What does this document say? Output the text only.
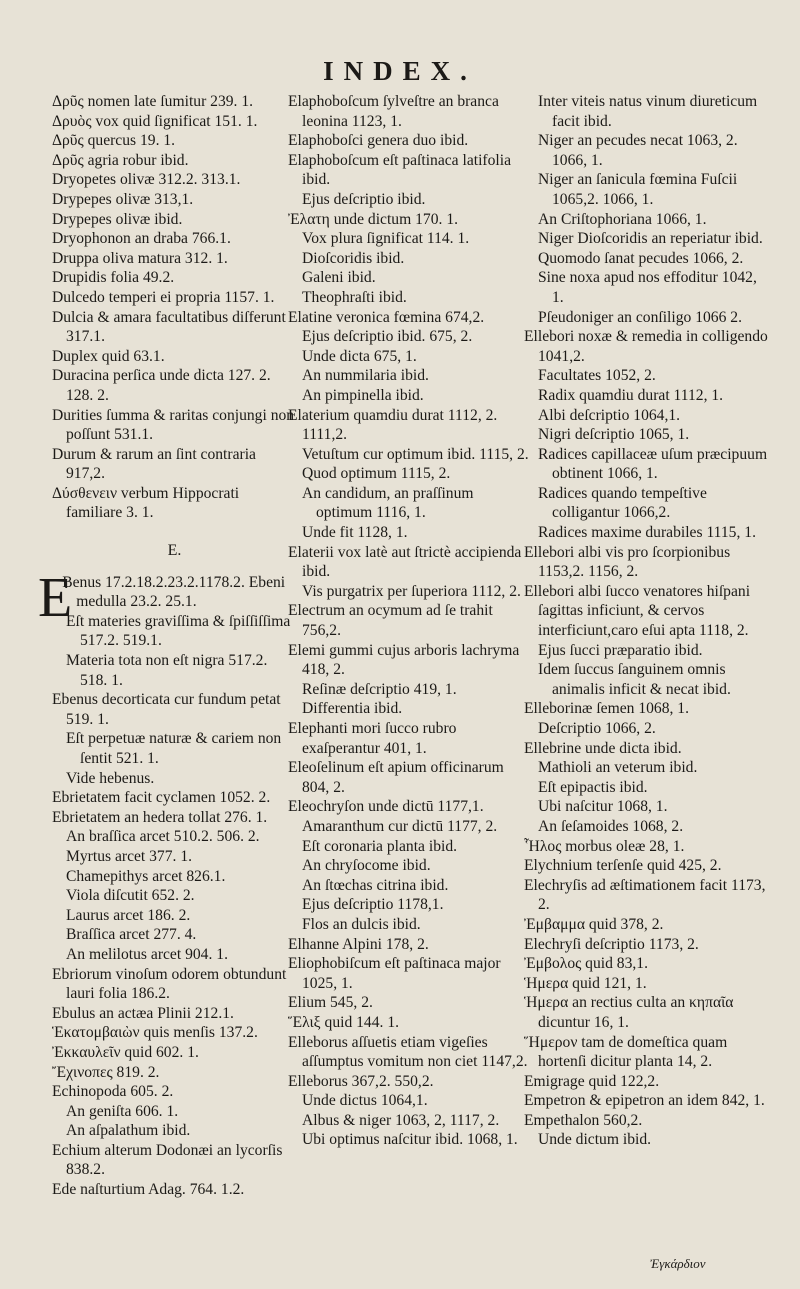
INDEX.
Δρῦς nomen late ſumitur 239. 1.
Δρυὸς vox quid ſignificat 151. 1.
Δρῦς quercus 19. 1.
Δρῦς agria robur ibid.
Dryopetes olivæ 312.2. 313.1.
Drypepes olivæ 313,1.
Drypepes olivæ ibid.
Dryophonon an draba 766.1.
Druppa oliva matura 312. 1.
Drupidis folia 49.2.
Dulcedo temperi ei propria 1157. 1.
Dulcia & amara facultatibus diſferunt 317.1.
Duplex quid 63.1.
Duracina perſica unde dicta 127. 2. 128. 2.
Durities ſumma & raritas conjungi non poſſunt 531.1.
Durum & rarum an ſint contraria 917,2.
Δύσθενειν verbum Hippocrati familiare 3. 1.
E.
E
Benus 17.2.18.2.23.2.1178.2. Ebeni medulla 23.2. 25.1.
Eſt materies graviſſima & ſpiſſiſſima 517.2. 519.1.
Materia tota non eſt nigra 517.2. 518. 1.
Ebenus decorticata cur fundum petat 519. 1.
Eſt perpetuæ naturæ & cariem non ſentit 521. 1.
Vide hebenus.
Ebrietatem facit cyclamen 1052. 2.
Ebrietatem an hedera tollat 276. 1.
An braſſica arcet 510.2. 506. 2.
Myrtus arcet 377. 1.
Chamepithys arcet 826.1.
Viola diſcutit 652. 2.
Laurus arcet 186. 2.
Braſſica arcet 277. 4.
An melilotus arcet 904. 1.
Ebriorum vinoſum odorem obtundunt lauri folia 186.2.
Ebulus an actæa Plinii 212.1.
Ἑκατομβαιὼν quis menſis 137.2.
Ἐκκαυλεῖν quid 602. 1.
Ἔχινοπες 819. 2.
Echinopoda 605. 2.
An geniſta 606. 1.
An aſpalathum ibid.
Echium alterum Dodonæi an lycorſis 838.2.
Ede naſturtium Adag. 764. 1.2.
Elaphoboſcum ſylveſtre an branca leonina 1123, 1.
Elaphoboſci genera duo ibid.
Elaphoboſcum eſt paſtinaca latifolia ibid.
Ejus deſcriptio ibid.
Ἐλατη unde dictum 170. 1.
Vox plura ſignificat 114. 1.
Dioſcoridis ibid.
Galeni ibid.
Theophraſti ibid.
Elatine veronica fœmina 674,2.
Ejus deſcriptio ibid. 675, 2.
Unde dicta 675, 1.
An nummilaria ibid.
An pimpinella ibid.
Elaterium quamdiu durat 1112, 2. 1111,2.
Vetuſtum cur optimum ibid. 1115, 2.
Quod optimum 1115, 2.
An candidum, an praſſinum optimum 1116, 1.
Unde fit 1128, 1.
Elaterii vox latè aut ſtrictè accipienda ibid.
Vis purgatrix per ſuperiora 1112, 2.
Electrum an ocymum ad ſe trahit 756,2.
Elemi gummi cujus arboris lachryma 418, 2.
Reſinæ deſcriptio 419, 1.
Differentia ibid.
Elephanti mori ſucco rubro exaſperantur 401, 1.
Eleoſelinum eſt apium officinarum 804, 2.
Eleochryſon unde dictū 1177,1.
Amaranthum cur dictū 1177, 2.
Eſt coronaria planta ibid.
An chryſocome ibid.
An ſtœchas citrina ibid.
Ejus deſcriptio 1178,1.
Flos an dulcis ibid.
Elhanne Alpini 178, 2.
Eliophobiſcum eſt paſtinaca major 1025, 1.
Elium 545, 2.
Ἕλιξ quid 144. 1.
Elleborus aſſuetis etiam vigeſies aſſumptus vomitum non ciet 1147,2.
Elleborus 367,2. 550,2.
Unde dictus 1064,1.
Albus & niger 1063, 2, 1117, 2.
Ubi optimus naſcitur ibid. 1068, 1.
Inter viteis natus vinum diureticum facit ibid.
Niger an pecudes necat 1063, 2. 1066, 1.
Niger an ſanicula fœmina Fuſcii 1065,2. 1066, 1.
An Criſtophoriana 1066, 1.
Niger Dioſcoridis an reperiatur ibid.
Quomodo ſanat pecudes 1066, 2.
Sine noxa apud nos effoditur 1042, 1.
Pſeudoniger an conſiligo 1066 2.
Ellebori noxæ & remedia in colligendo 1041,2.
Facultates 1052, 2.
Radix quamdiu durat 1112, 1.
Albi deſcriptio 1064,1.
Nigri deſcriptio 1065, 1.
Radices capillaceæ uſum præcipuum obtinent 1066, 1.
Radices quando tempeſtive colligantur 1066,2.
Radices maxime durabiles 1115, 1.
Ellebori albi vis pro ſcorpionibus 1153,2. 1156, 2.
Ellebori albi ſucco venatores hiſpani ſagittas inficiunt, & cervos interficiunt,caro eſui apta 1118, 2.
Ejus ſucci præparatio ibid.
Idem ſuccus ſanguinem omnis animalis inficit & necat ibid.
Elleborinæ ſemen 1068, 1.
Deſcriptio 1066, 2.
Ellebrine unde dicta ibid.
Mathioli an veterum ibid.
Eſt epipactis ibid.
Ubi naſcitur 1068, 1.
An ſeſamoides 1068, 2.
Ἧλος morbus oleæ 28, 1.
Elychnium terſenſe quid 425, 2.
Elechryſis ad æſtimationem facit 1173, 2.
Ἐμβαμμα quid 378, 2.
Elechryſi deſcriptio 1173, 2.
Ἐμβολος quid 83,1.
Ἡμερα quid 121, 1.
Ἡμερα an rectius culta an κηπαῖα dicuntur 16, 1.
Ἥμερον tam de domeſtica quam hortenſi dicitur planta 14, 2.
Emigrage quid 122,2.
Empetron & epipetron an idem 842, 1.
Empethalon 560,2.
Unde dictum ibid.
Ἐγκάρδιον
